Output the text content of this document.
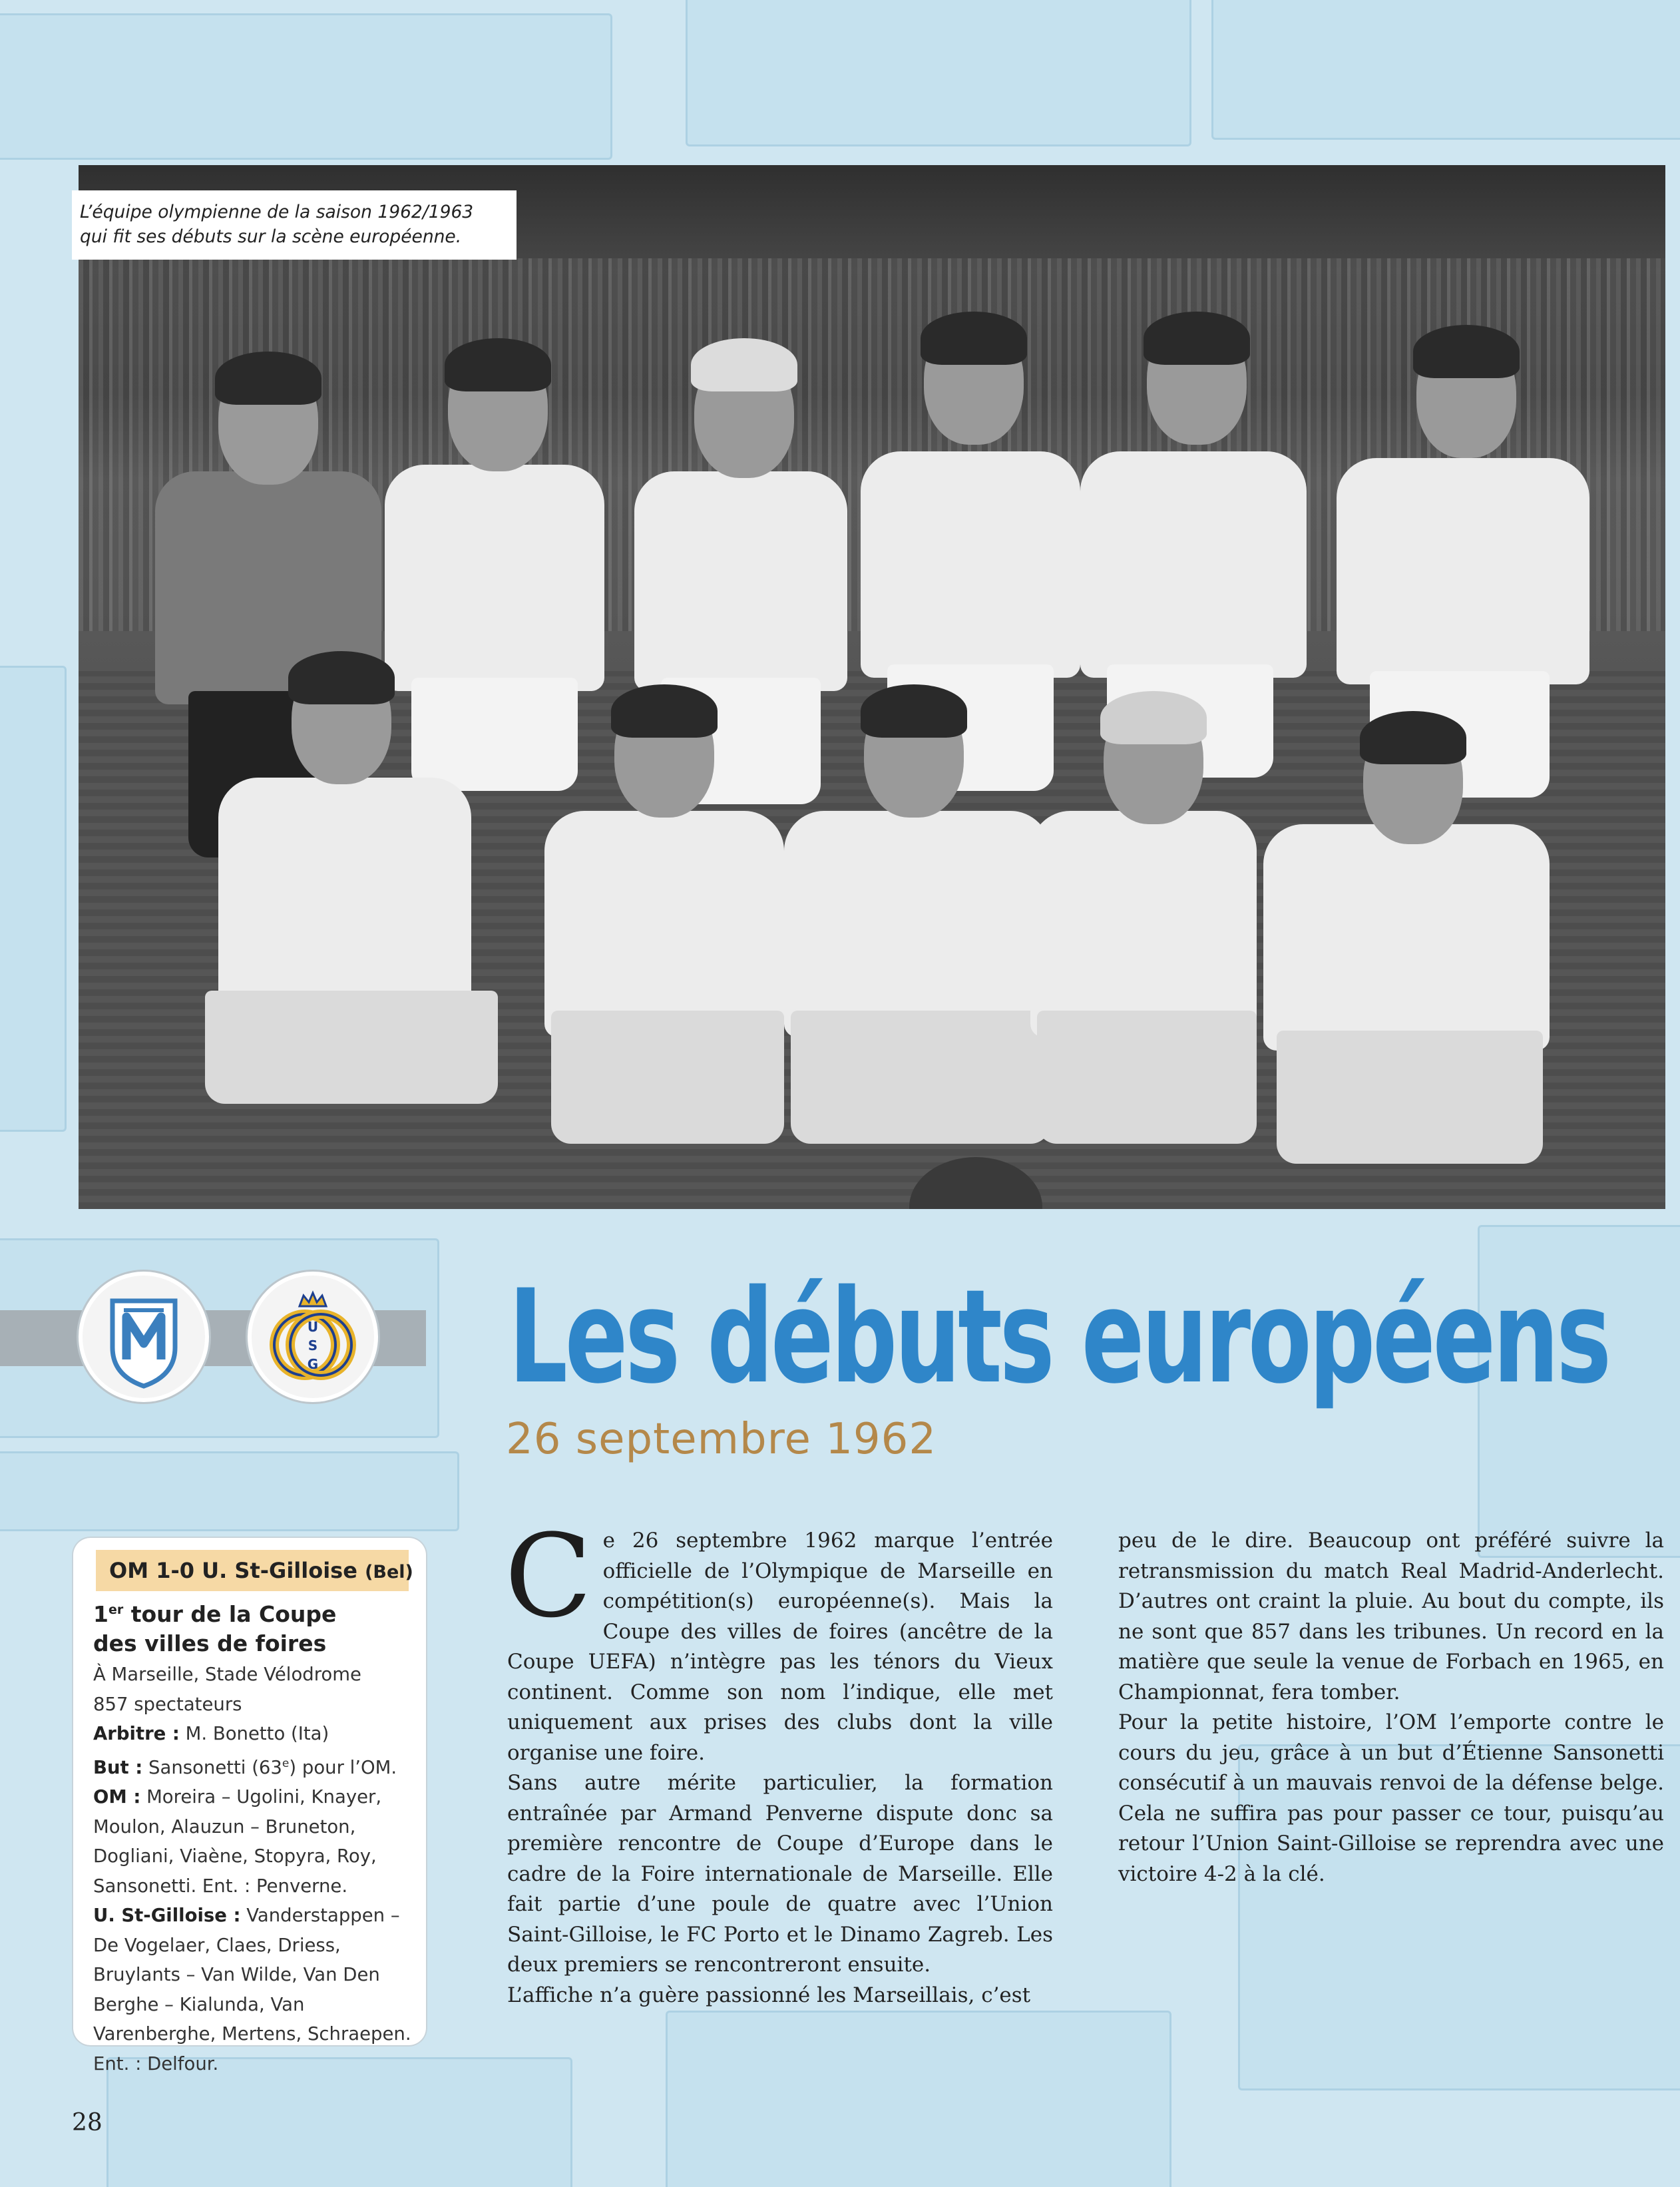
L’équipe olympienne de la saison 1962/1963
qui fit ses débuts sur la scène européenne.
U
S
G Les débuts européens
26 septembre 1962
OM 1-0 U. St-Gilloise (Bel)
1er tour de la Coupe
des villes de foires
À Marseille, Stade Vélodrome
857 spectateurs
Arbitre : M. Bonetto (Ita)
But : Sansonetti (63e) pour l’OM.
OM : Moreira – Ugolini, Knayer, Moulon, Alauzun – Bruneton, Dogliani, Viaène, Stopyra, Roy, Sansonetti. Ent. : Penverne.
U. St-Gilloise : Vanderstappen – De Vogelaer, Claes, Driess, Bruylants – Van Wilde, Van Den Berghe – Kialunda, Van Varenberghe, Mertens, Schraepen. Ent. : Delfour.

Ce 26 septembre 1962 marque l’entrée officielle de l’Olympique de Marseille en compétition(s) européenne(s). Mais la Coupe des villes de foires (ancêtre de la Coupe UEFA) n’intègre pas les ténors du Vieux continent. Comme son nom l’indique, elle met uniquement aux prises des clubs dont la ville organise une foire.

Sans autre mérite particulier, la formation entraînée par Armand Penverne dispute donc sa première rencontre de Coupe d’Europe dans le cadre de la Foire internationale de Marseille. Elle fait partie d’une poule de quatre avec l’Union Saint-Gilloise, le FC Porto et le Dinamo Zagreb. Les deux premiers se rencontreront ensuite.

L’affiche n’a guère passionné les Marseillais, c’est

peu de le dire. Beaucoup ont préféré suivre la retransmission du match Real Madrid-Anderlecht. D’autres ont craint la pluie. Au bout du compte, ils ne sont que 857 dans les tribunes. Un record en la matière que seule la venue de Forbach en 1965, en Championnat, fera tomber.

Pour la petite histoire, l’OM l’emporte contre le cours du jeu, grâce à un but d’Étienne Sansonetti consécutif à un mauvais renvoi de la défense belge. Cela ne suffira pas pour passer ce tour, puisqu’au retour l’Union Saint-Gilloise se reprendra avec une victoire 4-2 à la clé.

28
